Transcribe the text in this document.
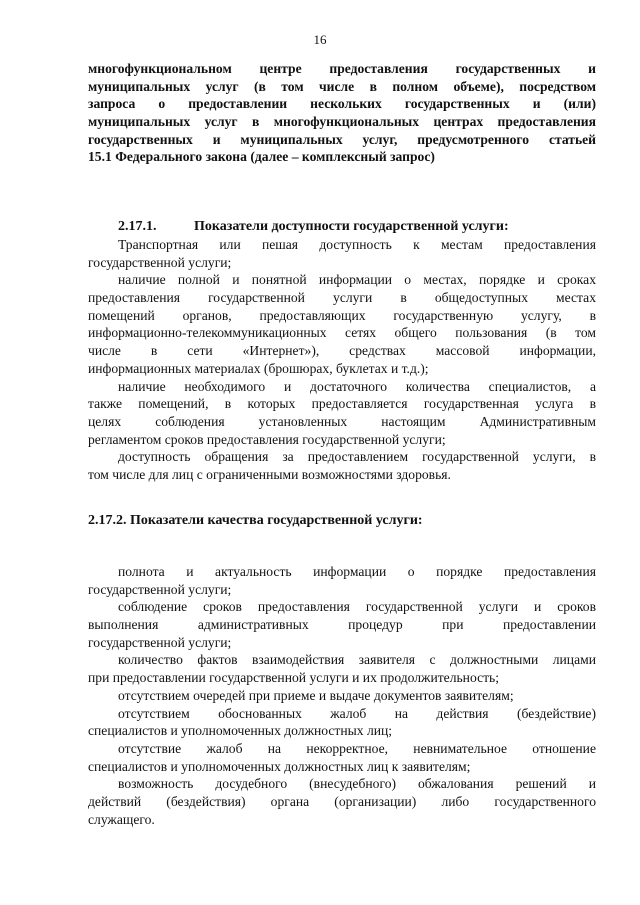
16
многофункциональном центре предоставления государственных и
муниципальных услуг (в том числе в полном объеме), посредством
запроса о предоставлении нескольких государственных и (или)
муниципальных услуг в многофункциональных центрах предоставления
государственных и муниципальных услуг, предусмотренного статьей
15.1 Федерального закона (далее – комплексный запрос)
2.17.1.	Показатели доступности государственной услуги:
Транспортная или пешая доступность к местам предоставления
государственной услуги;
наличие полной и понятной информации о местах, порядке и сроках
предоставления государственной услуги в общедоступных местах
помещений органов, предоставляющих государственную услугу, в
информационно-телекоммуникационных сетях общего пользования (в том
числе в сети «Интернет»), средствах массовой информации,
информационных материалах (брошюрах, буклетах и т.д.);
наличие необходимого и достаточного количества специалистов, а
также помещений, в которых предоставляется государственная услуга в
целях соблюдения установленных настоящим Административным
регламентом сроков предоставления государственной услуги;
доступность обращения за предоставлением государственной услуги, в
том числе для лиц с ограниченными возможностями здоровья.
2.17.2. Показатели качества государственной услуги:
полнота и актуальность информации о порядке предоставления
государственной услуги;
соблюдение сроков предоставления государственной услуги и сроков
выполнения административных процедур при предоставлении
государственной услуги;
количество фактов взаимодействия заявителя с должностными лицами
при предоставлении государственной услуги и их продолжительность;
отсутствием очередей при приеме и выдаче документов заявителям;
отсутствием обоснованных жалоб на действия (бездействие)
специалистов и уполномоченных должностных лиц;
отсутствие жалоб на некорректное, невнимательное отношение
специалистов и уполномоченных должностных лиц к заявителям;
возможность досудебного (внесудебного) обжалования решений и
действий (бездействия) органа (организации) либо государственного
служащего.
